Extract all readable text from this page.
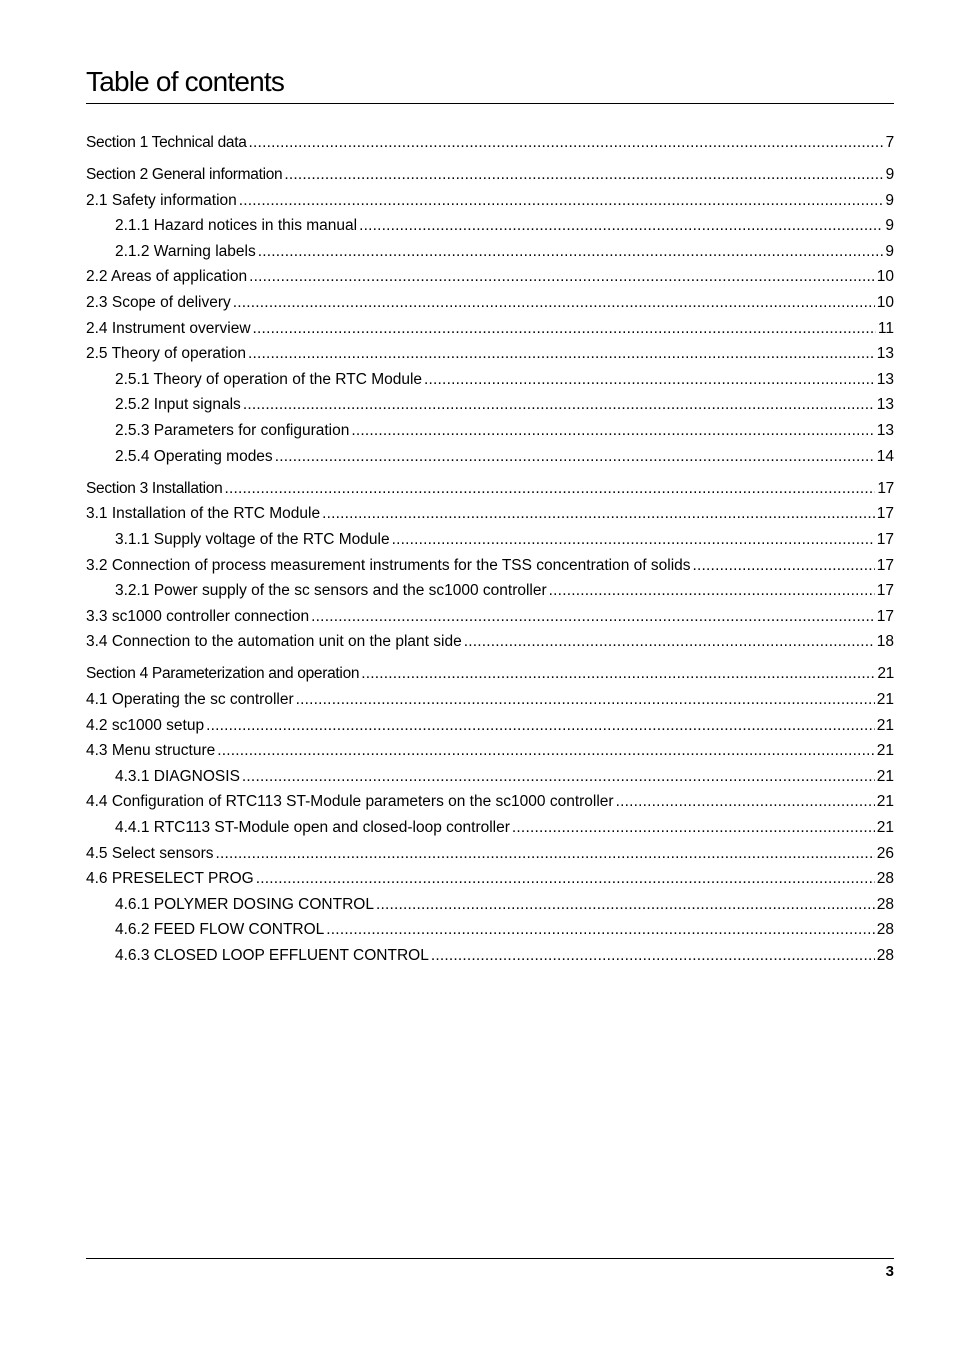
Table of contents
Section 1 Technical data .....	7
Section 2 General information .....	9
2.1 Safety information .....	9
2.1.1 Hazard notices in this manual .....	9
2.1.2 Warning labels .....	9
2.2 Areas of application .....	10
2.3 Scope of delivery .....	10
2.4 Instrument overview .....	11
2.5 Theory of operation .....	13
2.5.1 Theory of operation of the RTC Module .....	13
2.5.2 Input signals .....	13
2.5.3 Parameters for configuration .....	13
2.5.4 Operating modes .....	14
Section 3 Installation .....	17
3.1 Installation of the RTC Module .....	17
3.1.1 Supply voltage of the RTC Module .....	17
3.2 Connection of process measurement instruments for the TSS concentration of solids .....	17
3.2.1 Power supply of the sc sensors and the sc1000 controller .....	17
3.3 sc1000 controller connection .....	17
3.4 Connection to the automation unit on the plant side .....	18
Section 4 Parameterization and operation .....	21
4.1 Operating the sc controller .....	21
4.2 sc1000 setup .....	21
4.3 Menu structure .....	21
4.3.1 DIAGNOSIS .....	21
4.4 Configuration of RTC113 ST-Module parameters on the sc1000 controller .....	21
4.4.1 RTC113 ST-Module open and closed-loop controller .....	21
4.5 Select sensors .....	26
4.6 PRESELECT PROG .....	28
4.6.1 POLYMER DOSING CONTROL .....	28
4.6.2 FEED FLOW CONTROL .....	28
4.6.3 CLOSED LOOP EFFLUENT CONTROL .....	28
3
